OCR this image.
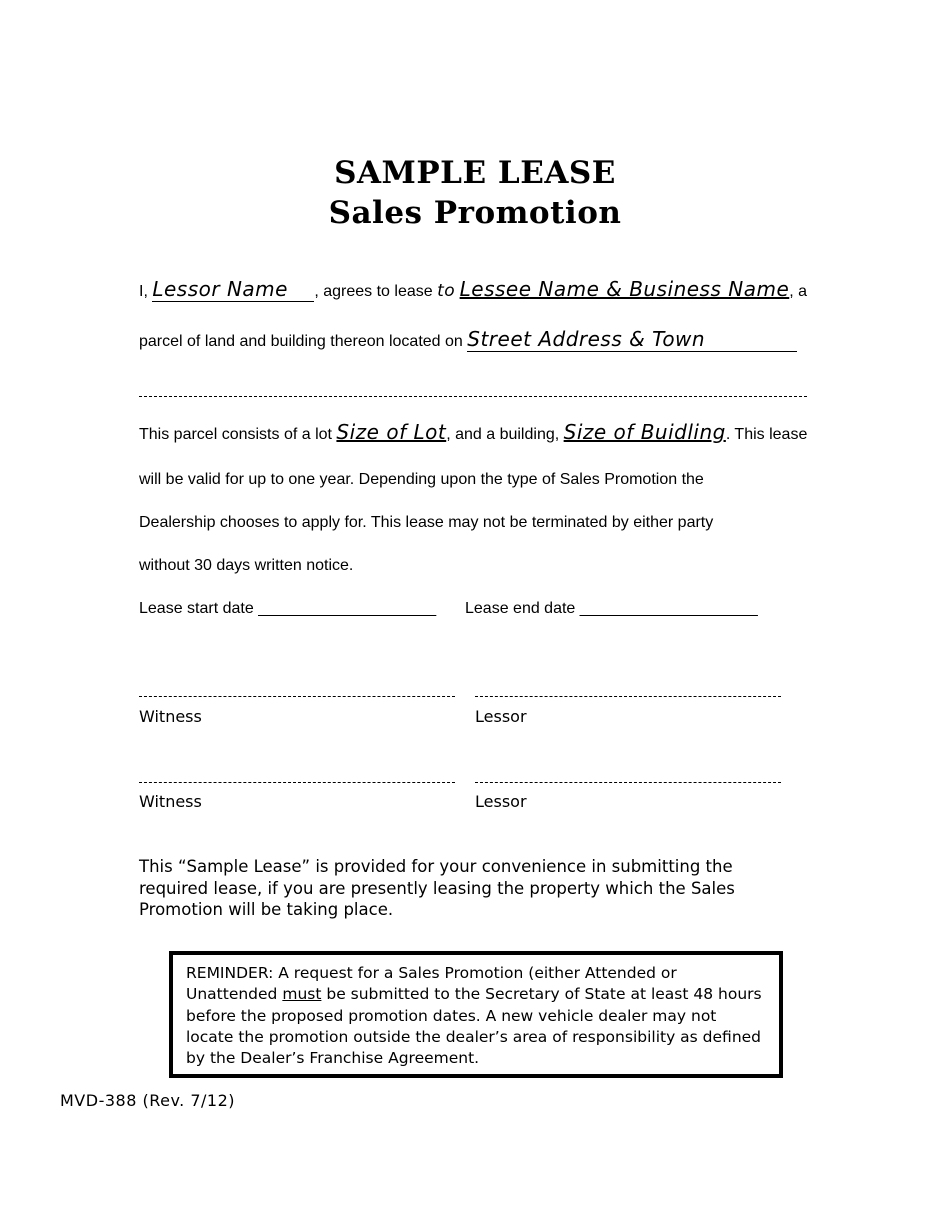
SAMPLE LEASE
Sales Promotion
I, Lessor Name , agrees to lease to Lessee Name & Business Name, a
parcel of land and building thereon located on Street Address & Town
This parcel consists of a lot Size of Lot, and a building, Size of Buidling. This lease
will be valid for up to one year. Depending upon the type of Sales Promotion the
Dealership chooses to apply for. This lease may not be terminated by either party
without 30 days written notice.
Lease start date ____________________ Lease end date ____________________
Witness	Lessor
Witness	Lessor
This “Sample Lease” is provided for your convenience in submitting the required lease, if you are presently leasing the property which the Sales Promotion will be taking place.
REMINDER: A request for a Sales Promotion (either Attended or Unattended must be submitted to the Secretary of State at least 48 hours before the proposed promotion dates. A new vehicle dealer may not locate the promotion outside the dealer’s area of responsibility as defined by the Dealer’s Franchise Agreement.
MVD-388 (Rev. 7/12)
